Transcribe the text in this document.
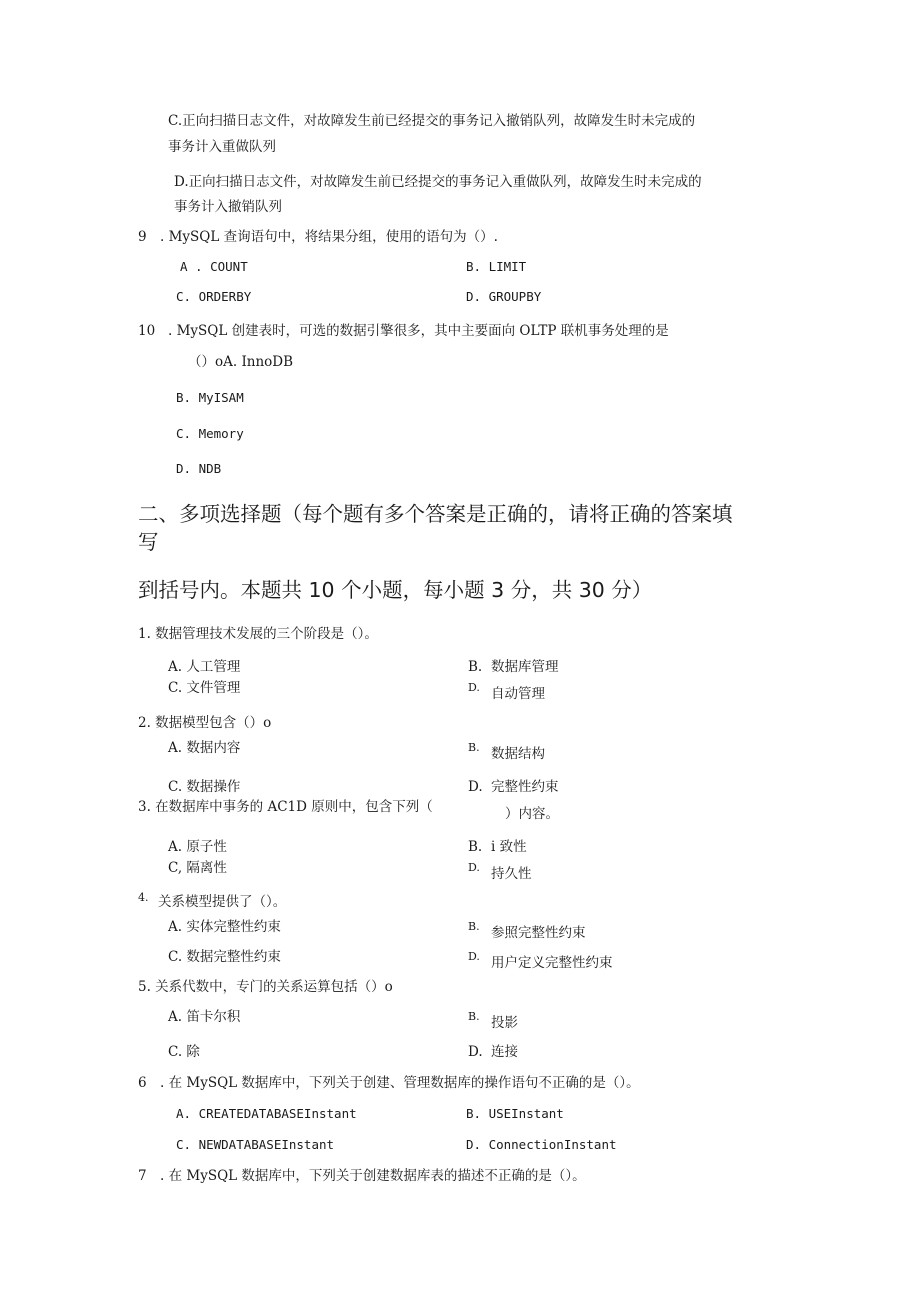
C.正向扫描日志文件，对故障发生前已经提交的事务记入撤销队列，故障发生时未完成的
事务计入重做队列
D.正向扫描日志文件，对故障发生前已经提交的事务记入重做队列，故障发生时未完成的
事务计入撤销队列
9 . MySQL 查询语句中，将结果分组，使用的语句为（）.
A . COUNT	B. LIMIT
C. ORDERBY	D. GROUPBY
10 . MySQL 创建表时，可选的数据引擎很多，其中主要面向 OLTP 联机事务处理的是
（）oA. InnoDB
B. MyISAM
C. Memory
D. NDB
二、多项选择题（每个题有多个答案是正确的，请将正确的答案填
写
到括号内。本题共 10 个小题，每小题 3 分，共 30 分）
1. 数据管理技术发展的三个阶段是（）。
A. 人工管理	B. 数据库管理
C. 文件管理	D. 自动管理
2. 数据模型包含（）o
A. 数据内容	B. 数据结构
C. 数据操作	D. 完整性约束
3. 在数据库中事务的 AC1D 原则中，包含下列（	）内容。
A. 原子性	B. i 致性
C, 隔离性	D. 持久性
4. 关系模型提供了（）。
A. 实体完整性约束	B. 参照完整性约束
C. 数据完整性约束	D. 用户定义完整性约束
5. 关系代数中，专门的关系运算包括（）o
A. 笛卡尔积	B. 投影
C. 除	D. 连接
6 . 在 MySQL 数据库中，下列关于创建、管理数据库的操作语句不正确的是（）。
A. CREATEDATABASEInstant	B. USEInstant
C. NEWDATABASEInstant	D. ConnectionInstant
7 . 在 MySQL 数据库中，下列关于创建数据库表的描述不正确的是（）。
